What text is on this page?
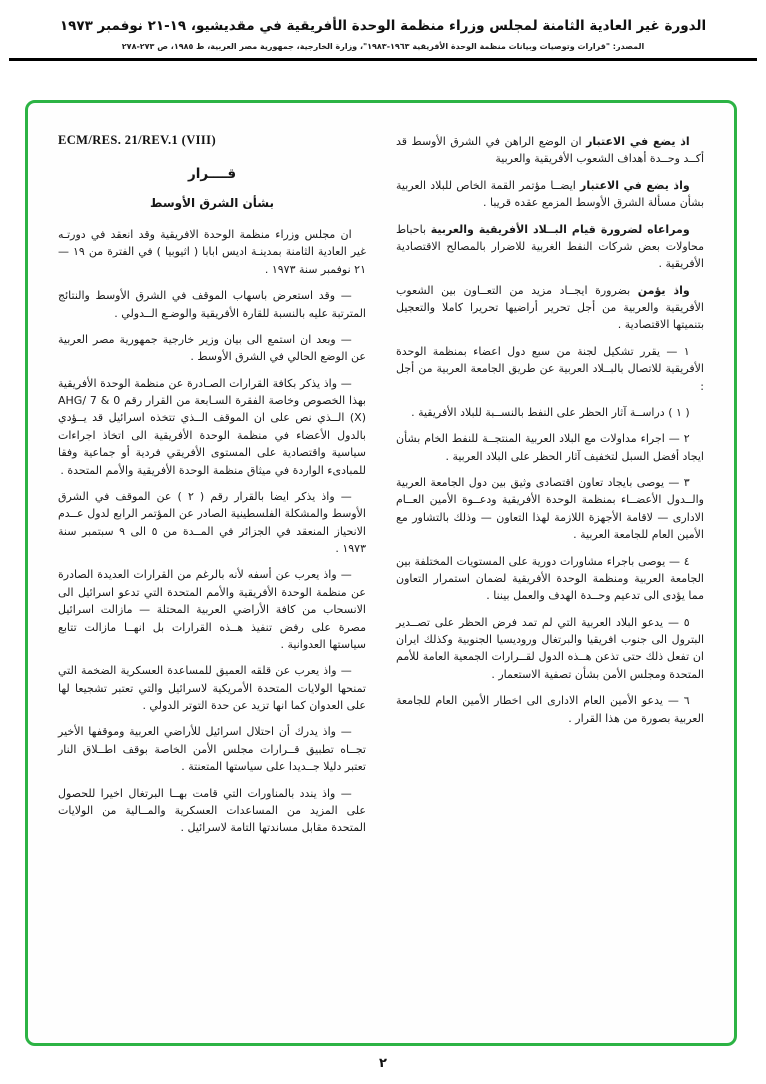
الدورة غير العادية الثامنة لمجلس وزراء منظمة الوحدة الأفريقية في مقديشيو، ١٩-٢١ نوفمبر ١٩٧٣
المصدر: "قرارات وتوصيات وبيانات منظمة الوحدة الأفريقية ١٩٦٣-١٩٨٣"، وزارة الخارجية، جمهورية مصر العربية، ط ١٩٨٥، ص ٢٧٣-٢٧٨

اذ يضع في الاعتبار ان الوضع الراهن في الشرق الأوسط قد أكــد وحــدة أهداف الشعوب الأفريقية والعربية

واذ يضع في الاعتبار ايضــا مؤتمر القمة الخاص للبلاد العربية بشأن مسألة الشرق الأوسط المزمع عقده قريبا .

ومراعاه لضرورة قيام البــلاد الأفريقية والعربية باحباط محاولات بعض شركات النفط الغربية للاضرار بالمصالح الاقتصادية الأفريقية .

واذ يؤمن بضرورة ايجــاد مزيد من التعــاون بين الشعوب الأفريقية والعربية من أجل تحرير أراضيها تحريرا كاملا والتعجيل بتنميتها الاقتصادية .

١ — يقرر تشكيل لجنة من سبع دول اعضاء بمنظمة الوحدة الأفريقية للاتصال بالبــلاد العربية عن طريق الجامعة العربية من أجل :

( ١ ) دراســة آثار الحظر على النفط بالنســبة للبلاد الأفريقية .

٢ — اجراء مداولات مع البلاد العربية المنتجــة للنفط الخام بشأن ايجاد أفضل السبل لتخفيف آثار الحظر على البلاد العربية .

٣ — يوصى بايجاد تعاون اقتصادى وثيق بين دول الجامعة العربية والــدول الأعضــاء بمنظمة الوحدة الأفريقية ودعــوة الأمين العــام الادارى — لاقامة الأجهزة اللازمة لهذا التعاون — وذلك بالتشاور مع الأمين العام للجامعة العربية .

٤ — يوصى باجراء مشاورات دورية على المستويات المختلفة بين الجامعة العربية ومنظمة الوحدة الأفريقية لضمان استمرار التعاون مما يؤدى الى تدعيم وحــدة الهدف والعمل بيننا .

٥ — يدعو البلاد العربية التي لم تمد فرض الحظر على تصــدير البترول الى جنوب افريقيا والبرتغال وروديسيا الجنوبية وكذلك ايران ان تفعل ذلك حتى تذعن هــذه الدول لقــرارات الجمعية العامة للأمم المتحدة ومجلس الأمن بشأن تصفية الاستعمار .

٦ — يدعو الأمين العام الادارى الى اخطار الأمين العام للجامعة العربية بصورة من هذا القرار .

ECM/RES. 21/REV.1 (VIII)
قــــرار
بشأن الشرق الأوسط

ان مجلس وزراء منظمة الوحدة الافريقية وقد انعقد في دورتـه غير العادية الثامنة بمدينـة اديس ابابا ( اثيوبيا ) في الفترة من ١٩ — ٢١ نوفمبر سنة ١٩٧٣ .

— وقد استعرض باسهاب الموقف في الشرق الأوسط والنتائج المترتبة عليه بالنسبة للقارة الأفريقية والوضـع الــدولي .

— وبعد ان استمع الى بيان وزير خارجية جمهورية مصر العربية عن الوضع الحالي في الشرق الأوسط .

— واذ يذكر بكافة القرارات الصـادرة عن منظمة الوحدة الأفريقية بهذا الخصوص وخاصة الفقرة السـابعة من القرار رقم AHG/ 7 & 0 (X) الــذي نص على ان الموقف الــذي تتخذه اسرائيل قد يــؤدي بالدول الأعضاء في منظمة الوحدة الأفريقية الى اتخاذ اجراءات سياسية واقتصادية على المستوى الأفريقي فردية أو جماعية وفقا للمبادىء الواردة في ميثاق منظمة الوحدة الأفريقية والأمم المتحدة .

— واذ يذكر ايضا بالقرار رقم ( ٢ ) عن الموقف في الشرق الأوسط والمشكلة الفلسطينية الصادر عن المؤتمر الرابع لدول عــدم الانحياز المنعقد في الجزائر في المــدة من ٥ الى ٩ سبتمبر سنة ١٩٧٣ .

— واذ يعرب عن أسفه لأنه بالرغم من القرارات العديدة الصادرة عن منظمة الوحدة الأفريقية والأمم المتحدة التي تدعو اسرائيل الى الانسحاب من كافة الأراضي العربية المحتلة — مازالت اسرائيل مصرة على رفض تنفيذ هــذه القرارات بل انهــا مازالت تتابع سياستها العدوانية .

— واذ يعرب عن قلقه العميق للمساعدة العسكرية الضخمة التي تمنحها الولايات المتحدة الأمريكية لاسرائيل والتي تعتبر تشجيعا لها على العدوان كما انها تزيد عن حدة التوتر الدولي .

— واذ يدرك أن احتلال اسرائيل للأراضي العربية وموقفها الأخير تجــاه تطبيق قــرارات مجلس الأمن الخاصة بوقف اطــلاق النار تعتبر دليلا جــديدا على سياستها المتعنتة .

— واذ يندد بالمناورات التي قامت بهــا البرتغال اخيرا للحصول على المزيد من المساعدات العسكرية والمــالية من الولايات المتحدة مقابل مساندتها التامة لاسرائيل .

٢
